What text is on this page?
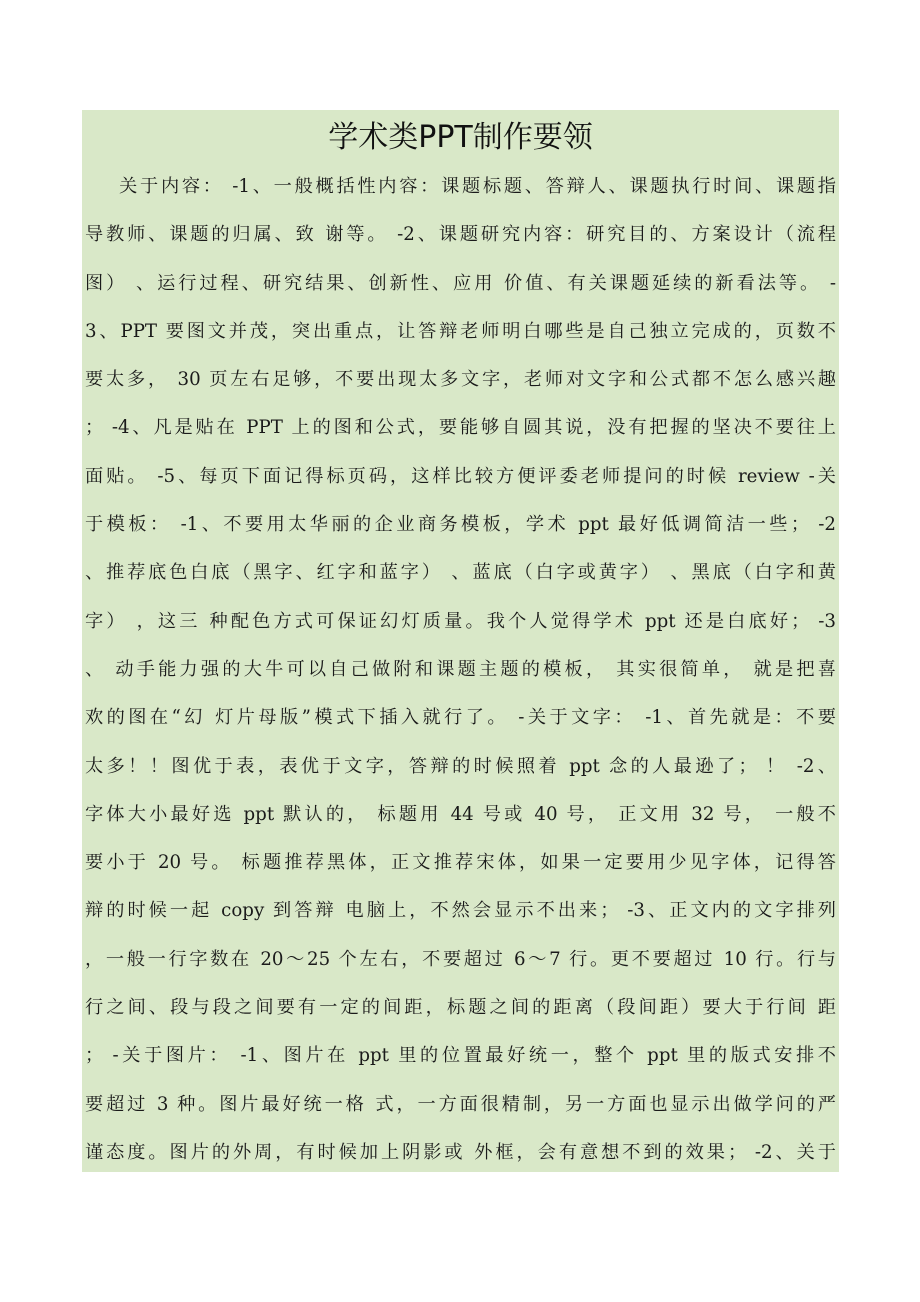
学术类PPT制作要领
关于内容： -1、一般概括性内容：课题标题、答辩人、课题执行时间、课题指
导教师、课题的归属、致 谢等。 -2、课题研究内容：研究目的、方案设计（流程
图） 、运行过程、研究结果、创新性、应用 价值、有关课题延续的新看法等。 -
3、PPT 要图文并茂，突出重点，让答辩老师明白哪些是自己独立完成的，页数不
要太多， 30 页左右足够，不要出现太多文字，老师对文字和公式都不怎么感兴趣
； -4、凡是贴在 PPT 上的图和公式，要能够自圆其说，没有把握的坚决不要往上
面贴。 -5、每页下面记得标页码，这样比较方便评委老师提问的时候 review -关
于模板： -1、不要用太华丽的企业商务模板，学术 ppt 最好低调简洁一些； -2
、推荐底色白底（黑字、红字和蓝字） 、蓝底（白字或黄字） 、黑底（白字和黄
字） ，这三 种配色方式可保证幻灯质量。我个人觉得学术 ppt 还是白底好； -3
、 动手能力强的大牛可以自己做附和课题主题的模板， 其实很简单， 就是把喜
欢的图在“幻 灯片母版”模式下插入就行了。 -关于文字： -1、首先就是：不要
太多！！图优于表，表优于文字，答辩的时候照着 ppt 念的人最逊了； ！ -2、
字体大小最好选 ppt 默认的， 标题用 44 号或 40 号， 正文用 32 号， 一般不
要小于 20 号。 标题推荐黑体，正文推荐宋体，如果一定要用少见字体，记得答
辩的时候一起 copy 到答辩 电脑上，不然会显示不出来； -3、正文内的文字排列
，一般一行字数在 20～25 个左右，不要超过 6～7 行。更不要超过 10 行。行与
行之间、段与段之间要有一定的间距，标题之间的距离（段间距）要大于行间 距
； -关于图片： -1、图片在 ppt 里的位置最好统一，整个 ppt 里的版式安排不
要超过 3 种。图片最好统一格 式，一方面很精制，另一方面也显示出做学问的严
谨态度。图片的外周，有时候加上阴影或 外框，会有意想不到的效果； -2、关于
